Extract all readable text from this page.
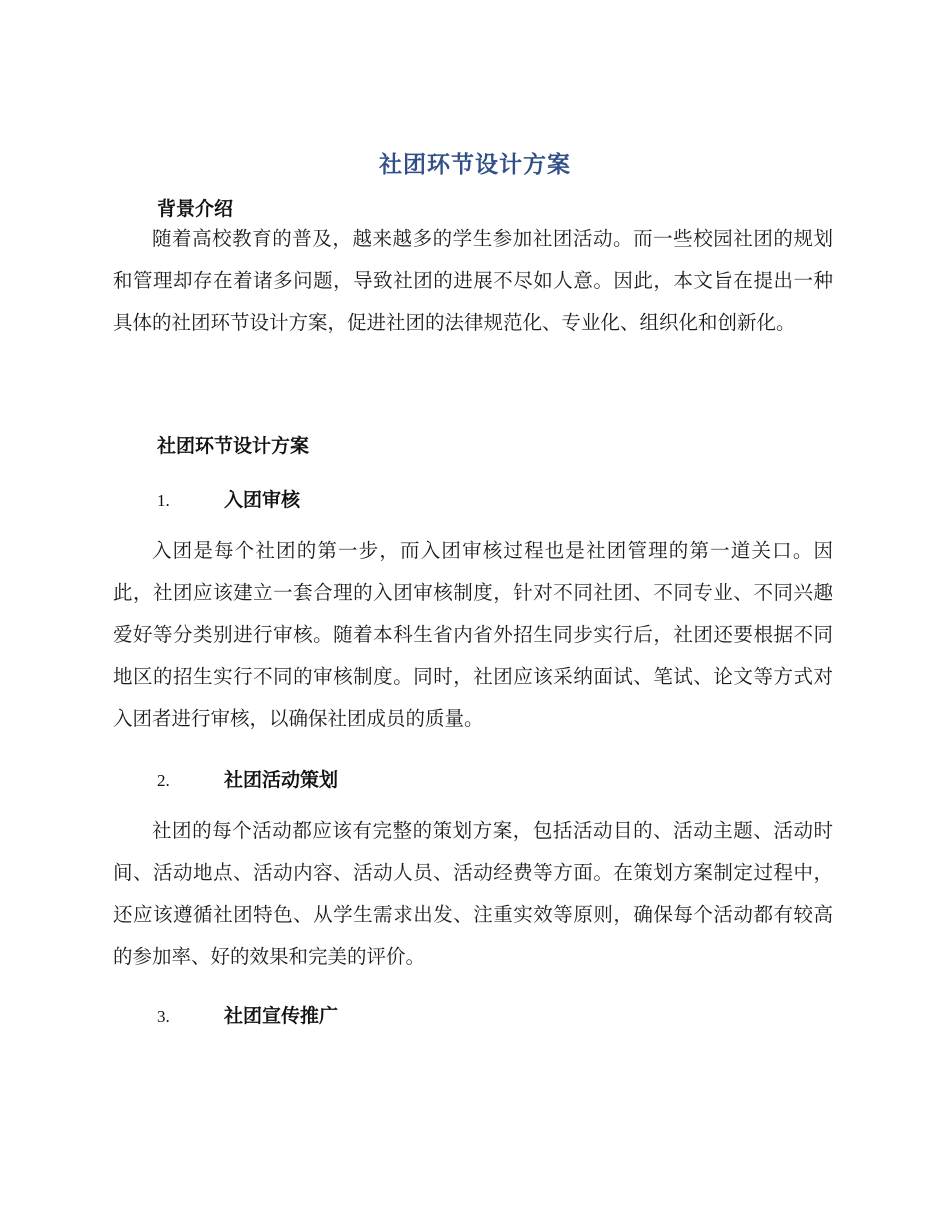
社团环节设计方案
背景介绍

随着高校教育的普及，越来越多的学生参加社团活动。而一些校园社团的规划和管理却存在着诸多问题，导致社团的进展不尽如人意。因此，本文旨在提出一种具体的社团环节设计方案，促进社团的法律规范化、专业化、组织化和创新化。

社团环节设计方案
1.	入团审核

入团是每个社团的第一步，而入团审核过程也是社团管理的第一道关口。因此，社团应该建立一套合理的入团审核制度，针对不同社团、不同专业、不同兴趣爱好等分类别进行审核。随着本科生省内省外招生同步实行后，社团还要根据不同地区的招生实行不同的审核制度。同时，社团应该采纳面试、笔试、论文等方式对入团者进行审核，以确保社团成员的质量。

2.	社团活动策划

社团的每个活动都应该有完整的策划方案，包括活动目的、活动主题、活动时间、活动地点、活动内容、活动人员、活动经费等方面。在策划方案制定过程中，还应该遵循社团特色、从学生需求出发、注重实效等原则，确保每个活动都有较高的参加率、好的效果和完美的评价。

3.	社团宣传推广
